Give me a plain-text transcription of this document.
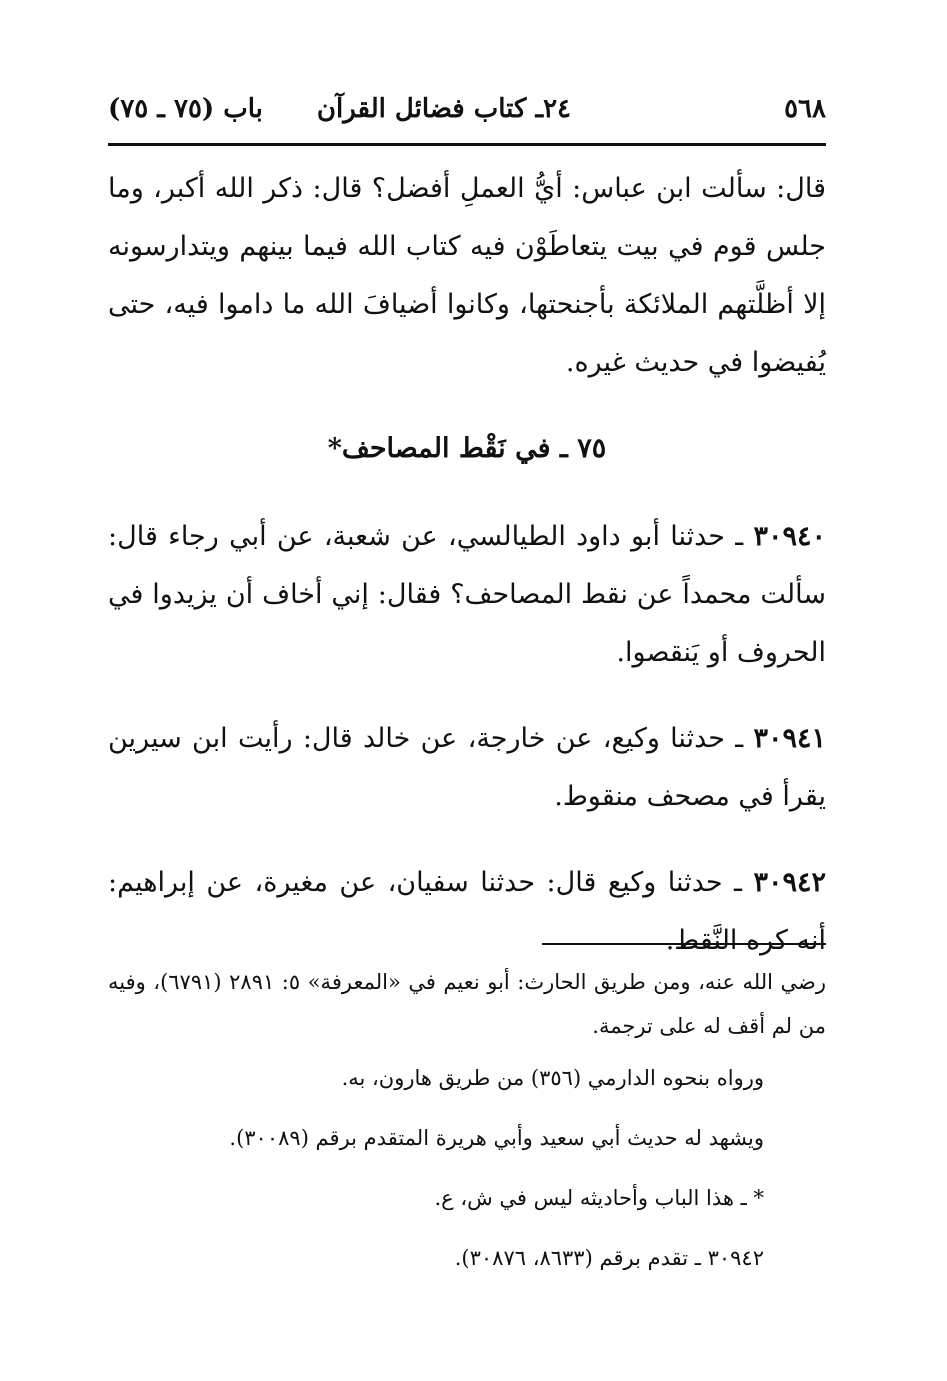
٥٦٨
٢٤ـ كتاب فضائل القرآن
باب (٧٥ ـ ٧٥)

قال: سألت ابن عباس: أيُّ العملِ أفضل؟ قال: ذكر الله أكبر، وما جلس قوم في بيت يتعاطَوْن فيه كتاب الله فيما بينهم ويتدارسونه إلا أظلَّتهم الملائكة بأجنحتها، وكانوا أضيافَ الله ما داموا فيه، حتى يُفيضوا في حديث غيره.

٧٥ ـ في نَقْط المصاحف*

٣٠٩٤٠ ـ حدثنا أبو داود الطيالسي، عن شعبة، عن أبي رجاء قال: سألت محمداً عن نقط المصاحف؟ فقال: إني أخاف أن يزيدوا في الحروف أو يَنقصوا.

٣٠٩٤١ ـ حدثنا وكيع، عن خارجة، عن خالد قال: رأيت ابن سيرين يقرأ في مصحف منقوط.

٣٠٩٤٢ ـ حدثنا وكيع قال: حدثنا سفيان، عن مغيرة، عن إبراهيم: أنه كره النَّقط.

رضي الله عنه، ومن طريق الحارث: أبو نعيم في «المعرفة» ٥: ٢٨٩١ (٦٧٩١)، وفيه من لم أقف له على ترجمة.

ورواه بنحوه الدارمي (٣٥٦) من طريق هارون، به.

ويشهد له حديث أبي سعيد وأبي هريرة المتقدم برقم (٣٠٠٨٩).

* ـ هذا الباب وأحاديثه ليس في ش، ع.

٣٠٩٤٢ ـ تقدم برقم (٨٦٣٣، ٣٠٨٧٦).
